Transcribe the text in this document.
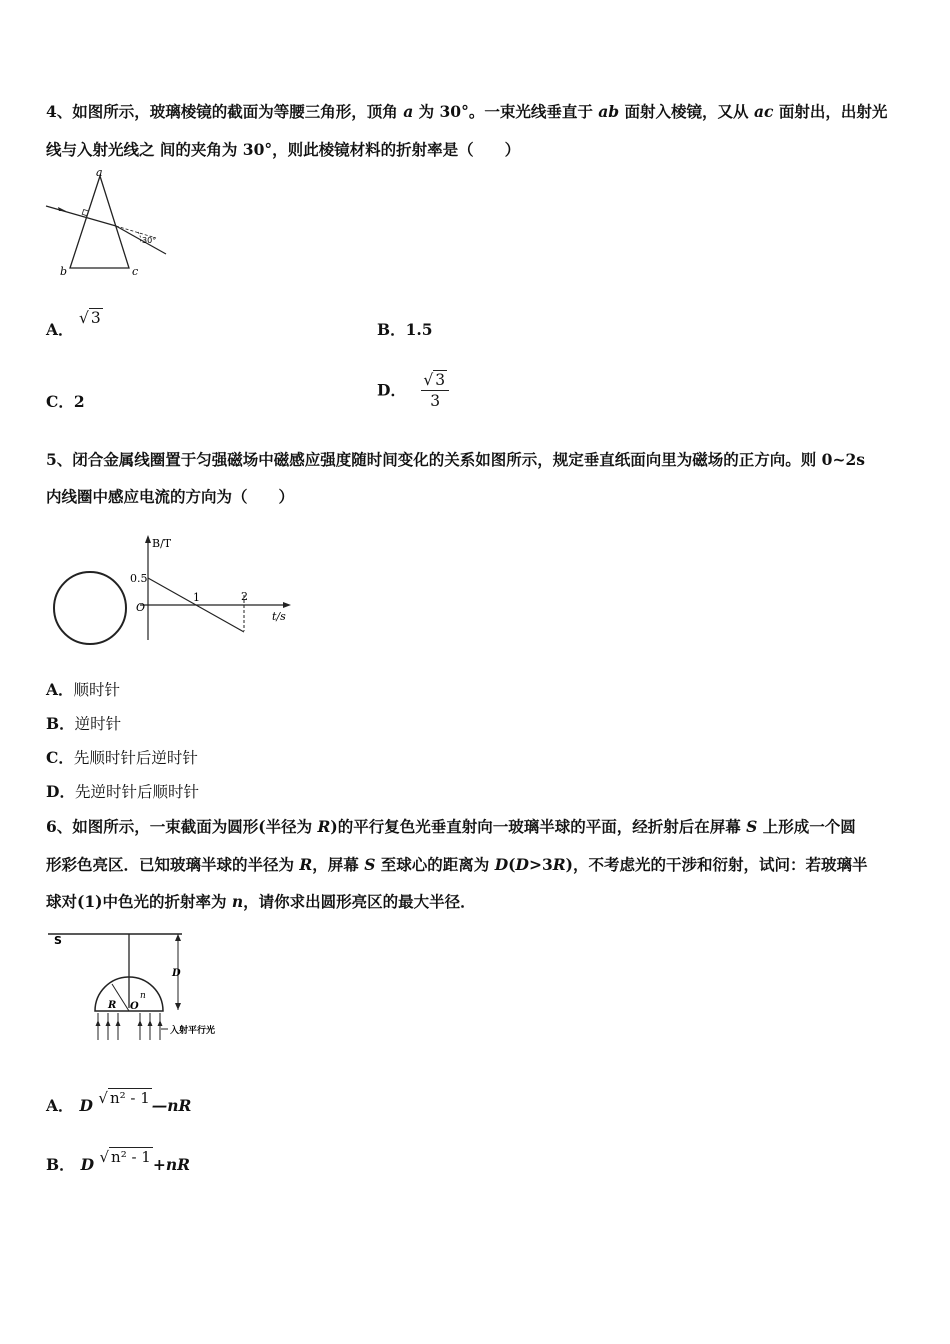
4、如图所示，玻璃棱镜的截面为等腰三角形，顶角 a 为 30°。一束光线垂直于 ab 面射入棱镜，又从 ac 面射出，出射光
线与入射光线之 间的夹角为 30°，则此棱镜材料的折射率是（　　）
a
b	c
30°
A． √ 3
B．1.5
C．2
D． $\frac{√ 3}{3}$
5、闭合金属线圈置于匀强磁场中磁感应强度随时间变化的关系如图所示，规定垂直纸面向里为磁场的正方向。则 0~2s
内线圈中感应电流的方向为（　　）
B/T
t/s
0.5
O
1	2
A．顺时针
B．逆时针
C．先顺时针后逆时针
D．先逆时针后顺时针
6、如图所示，一束截面为圆形(半径为 R)的平行复色光垂直射向一玻璃半球的平面，经折射后在屏幕 S 上形成一个圆
形彩色亮区．已知玻璃半球的半径为 R，屏幕 S 至球心的距离为 D(D>3R)，不考虑光的干涉和衍射，试问：若玻璃半
球对(1)中色光的折射率为 n，请你求出圆形亮区的最大半径．
S
D
R O
n
入射平行光
A． D √ n² - 1 —nR
B． D √ n² - 1 +nR
